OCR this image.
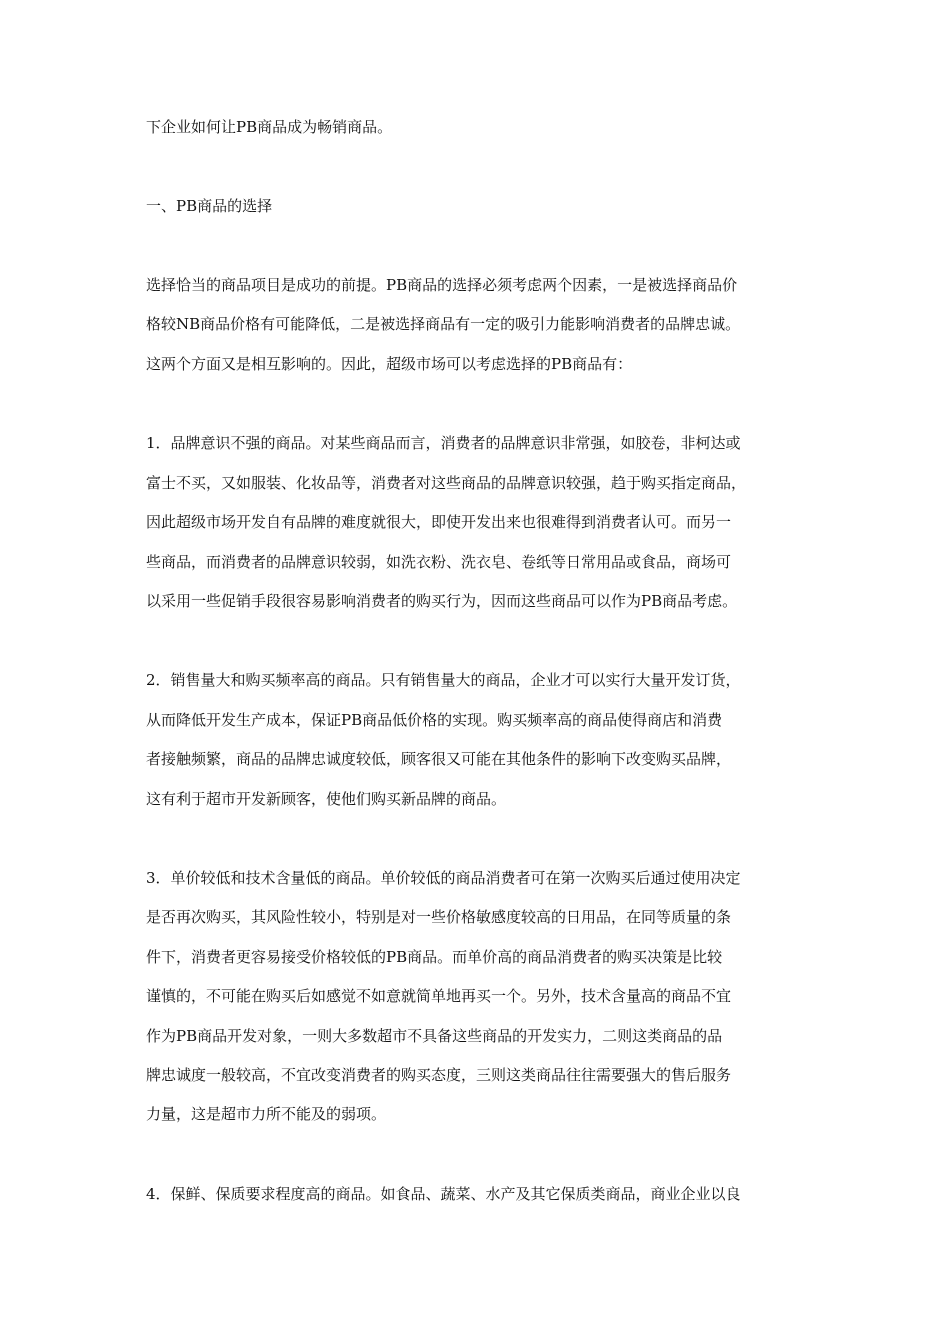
下企业如何让PB商品成为畅销商品。
一、PB商品的选择
选择恰当的商品项目是成功的前提。PB商品的选择必须考虑两个因素，一是被选择商品价
格较NB商品价格有可能降低，二是被选择商品有一定的吸引力能影响消费者的品牌忠诚。
这两个方面又是相互影响的。因此，超级市场可以考虑选择的PB商品有：
1．品牌意识不强的商品。对某些商品而言，消费者的品牌意识非常强，如胶卷，非柯达或
富士不买，又如服装、化妆品等，消费者对这些商品的品牌意识较强，趋于购买指定商品，
因此超级市场开发自有品牌的难度就很大，即使开发出来也很难得到消费者认可。而另一
些商品，而消费者的品牌意识较弱，如洗衣粉、洗衣皂、卷纸等日常用品或食品，商场可
以采用一些促销手段很容易影响消费者的购买行为，因而这些商品可以作为PB商品考虑。
2．销售量大和购买频率高的商品。只有销售量大的商品，企业才可以实行大量开发订货，
从而降低开发生产成本，保证PB商品低价格的实现。购买频率高的商品使得商店和消费
者接触频繁，商品的品牌忠诚度较低，顾客很又可能在其他条件的影响下改变购买品牌，
这有利于超市开发新顾客，使他们购买新品牌的商品。
3．单价较低和技术含量低的商品。单价较低的商品消费者可在第一次购买后通过使用决定
是否再次购买，其风险性较小，特别是对一些价格敏感度较高的日用品，在同等质量的条
件下，消费者更容易接受价格较低的PB商品。而单价高的商品消费者的购买决策是比较
谨慎的，不可能在购买后如感觉不如意就简单地再买一个。另外，技术含量高的商品不宜
作为PB商品开发对象，一则大多数超市不具备这些商品的开发实力，二则这类商品的品
牌忠诚度一般较高，不宜改变消费者的购买态度，三则这类商品往往需要强大的售后服务
力量，这是超市力所不能及的弱项。
4．保鲜、保质要求程度高的商品。如食品、蔬菜、水产及其它保质类商品，商业企业以良
